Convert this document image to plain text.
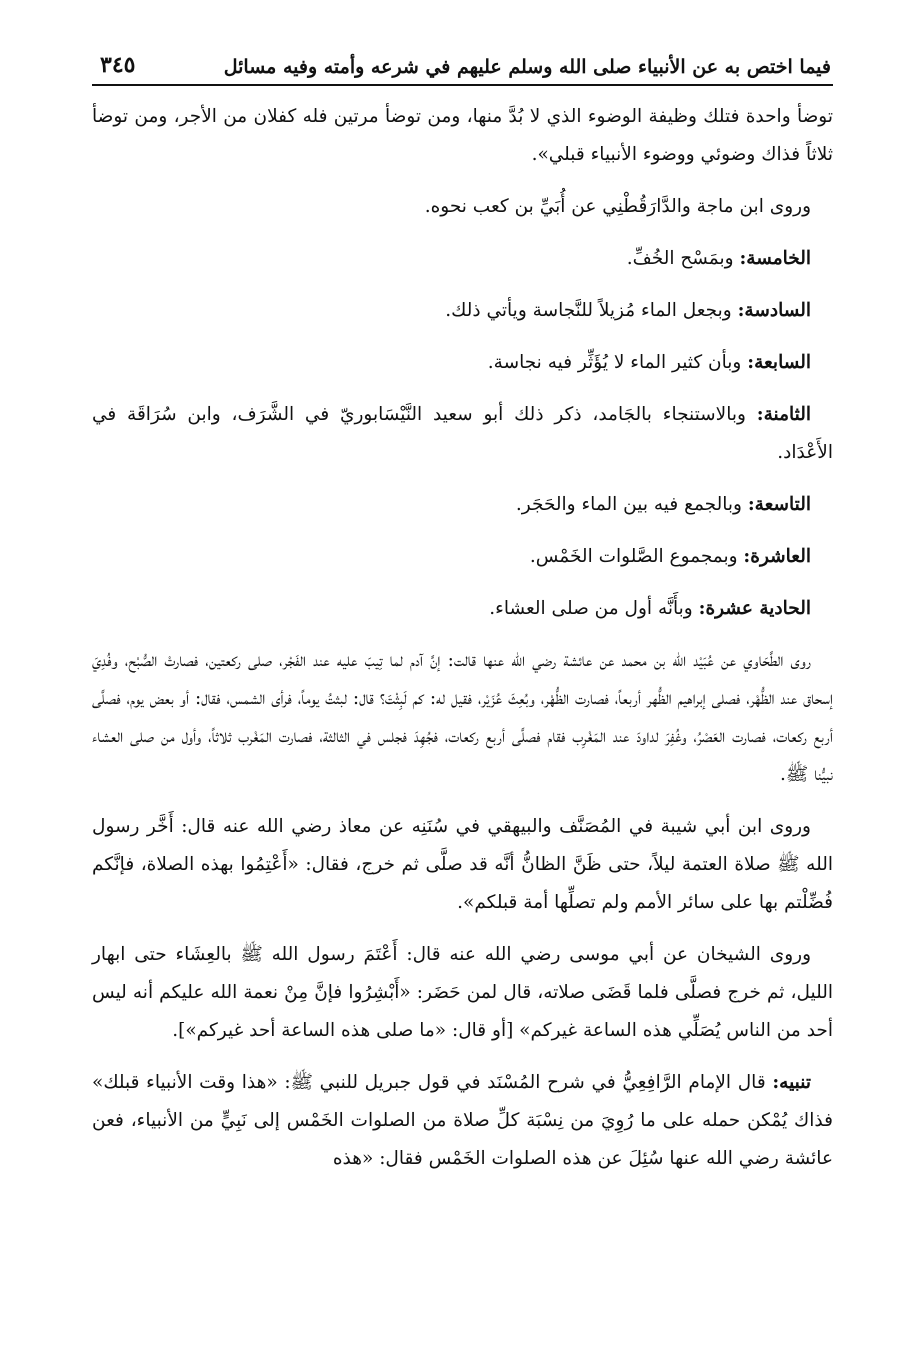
فيما اختص به عن الأنبياء صلى الله وسلم عليهم في شرعه وأمته وفيه مسائل
٣٤٥

توضأ واحدة فتلك وظيفة الوضوء الذي لا بُدَّ منها، ومن توضأ مرتين فله كفلان من الأجر، ومن توضأ ثلاثاً فذاك وضوئي ووضوء الأنبياء قبلي».

وروى ابن ماجة والدَّارَقُطْنِي عن أُبَيِّ بن كعب نحوه.

الخامسة: وبمَسْح الخُفِّ.

السادسة: وبجعل الماء مُزيلاً للنَّجاسة ويأتي ذلك.

السابعة: وبأن كثير الماء لا يُؤَثِّر فيه نجاسة.

الثامنة: وبالاستنجاء بالجَامد، ذكر ذلك أبو سعيد النَّيْسَابوريّ في الشَّرَف، وابن سُرَاقَة في الأَعْدَاد.

التاسعة: وبالجمع فيه بين الماء والحَجَر.

العاشرة: وبمجموع الصَّلوات الخَمْس.

الحادية عشرة: وبأَنَّه أول من صلى العشاء.

روى الطَّحَاوي عن عُبَيْد الله بن محمد عن عائشة رضي الله عنها قالت: إنَّ آدم لما تِيبَ عليه عند الفَجْر، صلى ركعتين، فصارتْ الصُّبْح، وفُدِيَ إسحاق عند الظُّهْر، فصلى إبراهيم الظُّهر أربعاً، فصارت الظُّهْر، وبُعِثَ عُزَيْر، فقيل له: كم لَبِثْتَ؟ قال: لبثتُ يوماً، فرأى الشمس، فقال: أو بعض يوم، فصلَّى أربع ركعات، فصارت العَصْرُ، وغُفِرَ لداودَ عند المَغْرِب فقام فصلَّى أربع ركعات، فجُهِدَ فجلس في الثالثة، فصارت المَغْرب ثلاثاً، وأول من صلى العشاء نبيُّنا ﷺ.

وروى ابن أبي شيبة في المُصَنَّف والبيهقي في سُنَنِه عن معاذ رضي الله عنه قال: أَخَّر رسول الله ﷺ صلاة العتمة ليلاً، حتى ظَنَّ الظانُّ أنَّه قد صلَّى ثم خرج، فقال: «أَعْتِمُوا بهذه الصلاة، فإنَّكم فُضِّلْتم بها على سائر الأمم ولم تصلِّها أمة قبلكم».

وروى الشيخان عن أبي موسى رضي الله عنه قال: أَعْتَمَ رسول الله ﷺ بالعِشَاء حتى ابهار الليل، ثم خرج فصلَّى فلما قَضَى صلاته، قال لمن حَضَر: «أَبْشِرُوا فإنَّ مِنْ نعمة الله عليكم أنه ليس أحد من الناس يُصَلِّي هذه الساعة غيركم» [أو قال: «ما صلى هذه الساعة أحد غيركم»].

تنبيه: قال الإمام الرَّافِعِيُّ في شرح المُسْنَد في قول جبريل للنبي ﷺ: «هذا وقت الأنبياء قبلك» فذاك يُمْكن حمله على ما رُوِيَ من نِسْبَة كلِّ صلاة من الصلوات الخَمْس إلى نَبِيٍّ من الأنبياء، فعن عائشة رضي الله عنها سُئِلَ عن هذه الصلوات الخَمْس فقال: «هذه
